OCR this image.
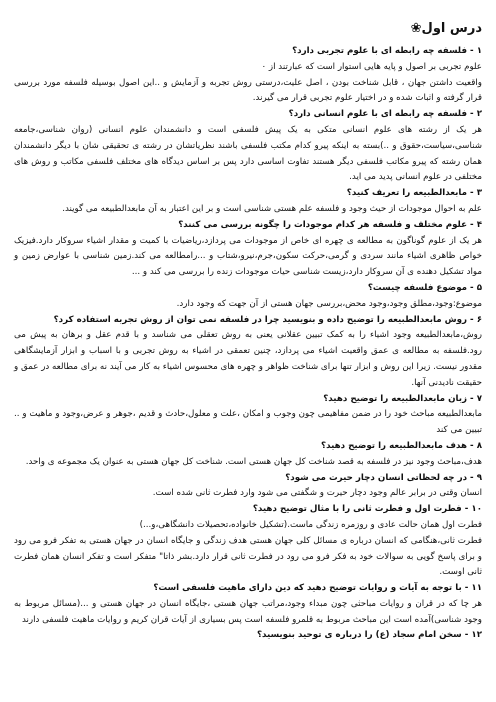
درس اول❀

۱ - فلسفه چه رابطه ای با علوم تجربی دارد؟

علوم تجربی بر اصول و پایه هایی استوار است که عبارتند از ۰

واقعیت داشتن جهان ، قابل شناخت بودن ، اصل علیت،درستی روش تجربه و آزمایش و ..این اصول بوسیله فلسفه مورد بررسی قرار گرفته و اثبات شده و در اختیار علوم تجربی قرار می گیرند.

۲ - فلسفه چه رابطه ای با علوم انسانی دارد؟

هر یک از رشته های علوم انسانی متکی به یک پیش فلسفی است و دانشمندان علوم انسانی (روان شناسی،جامعه شناسی،سیاست،حقوق و ..)بسته به اینکه پیرو کدام مکتب فلسفی باشند نظریاتشان در رشته ی تحقیقی شان با دیگر دانشمندان همان رشته که پیرو مکاتب فلسفی دیگر هستند تفاوت اساسی دارد پس بر اساس دیدگاه های مختلف فلسفی مکاتب و روش های مختلفی در علوم انسانی پدید می اید.

۳ - مابعدالطبیعه را تعریف کنید؟

علم به احوال موجودات از حیث وجود و فلسفه علم هستی شناسی است و بر این اعتبار به آن مابعدالطبیعه می گویند.

۴ - علوم مختلف و فلسفه هر کدام موجودات را چگونه بررسی می کنند؟

هر یک از علوم گوناگون به مطالعه ی چهره ای خاص از موجودات می پردازد،ریاضیات با کمیت و مقدار اشیاء سروکار دارد.فیزیک خواص ظاهری اشیاء مانند سردی و گرمی،حرکت سکون،جرم،نیرو،شتاب و ...رامطالعه می کند.زمین شناسی با عوارض زمین و مواد تشکیل دهنده ی آن سروکار دارد،زیست شناسی حیات موجودات زنده را بررسی می کند و ...

۵ - موضوع فلسفه چیست؟

موضوع:وجود،مطلق وجود،وجود محض،بررسی جهان هستی از آن جهت که وجود دارد.

۶ - روش مابعدالطبیعه را توضیح داده و بنویسید چرا در فلسفه نمی توان از روش تجربه استفاده کرد؟

روش،مابعدالطبیعه وجود اشیاء را به کمک تبیین عقلانی یعنی به روش تعقلی می شناسد و با قدم عقل و برهان به پیش می رود.فلسفه به مطالعه ی عمق واقعیت اشیاء می پردازد، چنین تعمقی در اشیاء به روش تجربی و با اسباب و ابزار آزمایشگاهی مقدور نیست. زیرا این روش و ابزار تنها برای شناخت ظواهر و چهره های محسوس اشیاء به کار می آیند نه برای مطالعه در عمق و حقیقت نادیدنی آنها.

۷ - زبان مابعدالطبیعه را توضیح دهید؟

مابعدالطبیعه مباحث خود را در ضمن مفاهیمی چون وجوب و امکان ،علت و معلول،حادث و قدیم ،جوهر و عرض،وجود و ماهیت و .. تبیین می کند

۸ - هدف مابعدالطبیعه را توضیح دهید؟

هدف،مباحث وجود نیز در فلسفه به قصد شناخت کل جهان هستی است. شناخت کل جهان هستی به عنوان یک مجموعه ی واحد.

۹ - در چه لحظاتی انسان دچار حیرت می شود؟

انسان وقتی در برابر عالم وجود دچار حیرت و شگفتی می شود وارد فطرت ثانی شده است.

۱۰ - فطرت اول و فطرت ثانی را با مثال توضیح دهید؟

فطرت اول همان حالت عادی و روزمره زندگی ماست.(تشکیل خانواده،تحصیلات دانشگاهی،و...)

فطرت ثانی،هنگامی که انسان درباره ی مسائل کلی جهان هستی هدف زندگی و جایگاه انسان در جهان هستی به تفکر فرو می رود و برای پاسخ گویی به سوالات خود به فکر فرو می رود در فطرت ثانی قرار دارد.بشر ذاتا" متفکر است و تفکر انسان همان فطرت ثانی اوست.

۱۱ - با توجه به آیات و روایات توضیح دهید که دین دارای ماهیت فلسفی است؟

هر چا که در قران و روایات مباحثی چون مبداء وجود،مراتب جهان هستی ،جایگاه انسان در جهان هستی و ...(مسائل مربوط به وجود شناسی)آمده است این مباحث مربوط به قلمرو فلسفه است پس بسیاری از آیات قران کریم و روایات ماهیت فلسفی دارند

۱۲ - سخن امام سجاد (ع) را درباره ی توحید بنویسید؟
